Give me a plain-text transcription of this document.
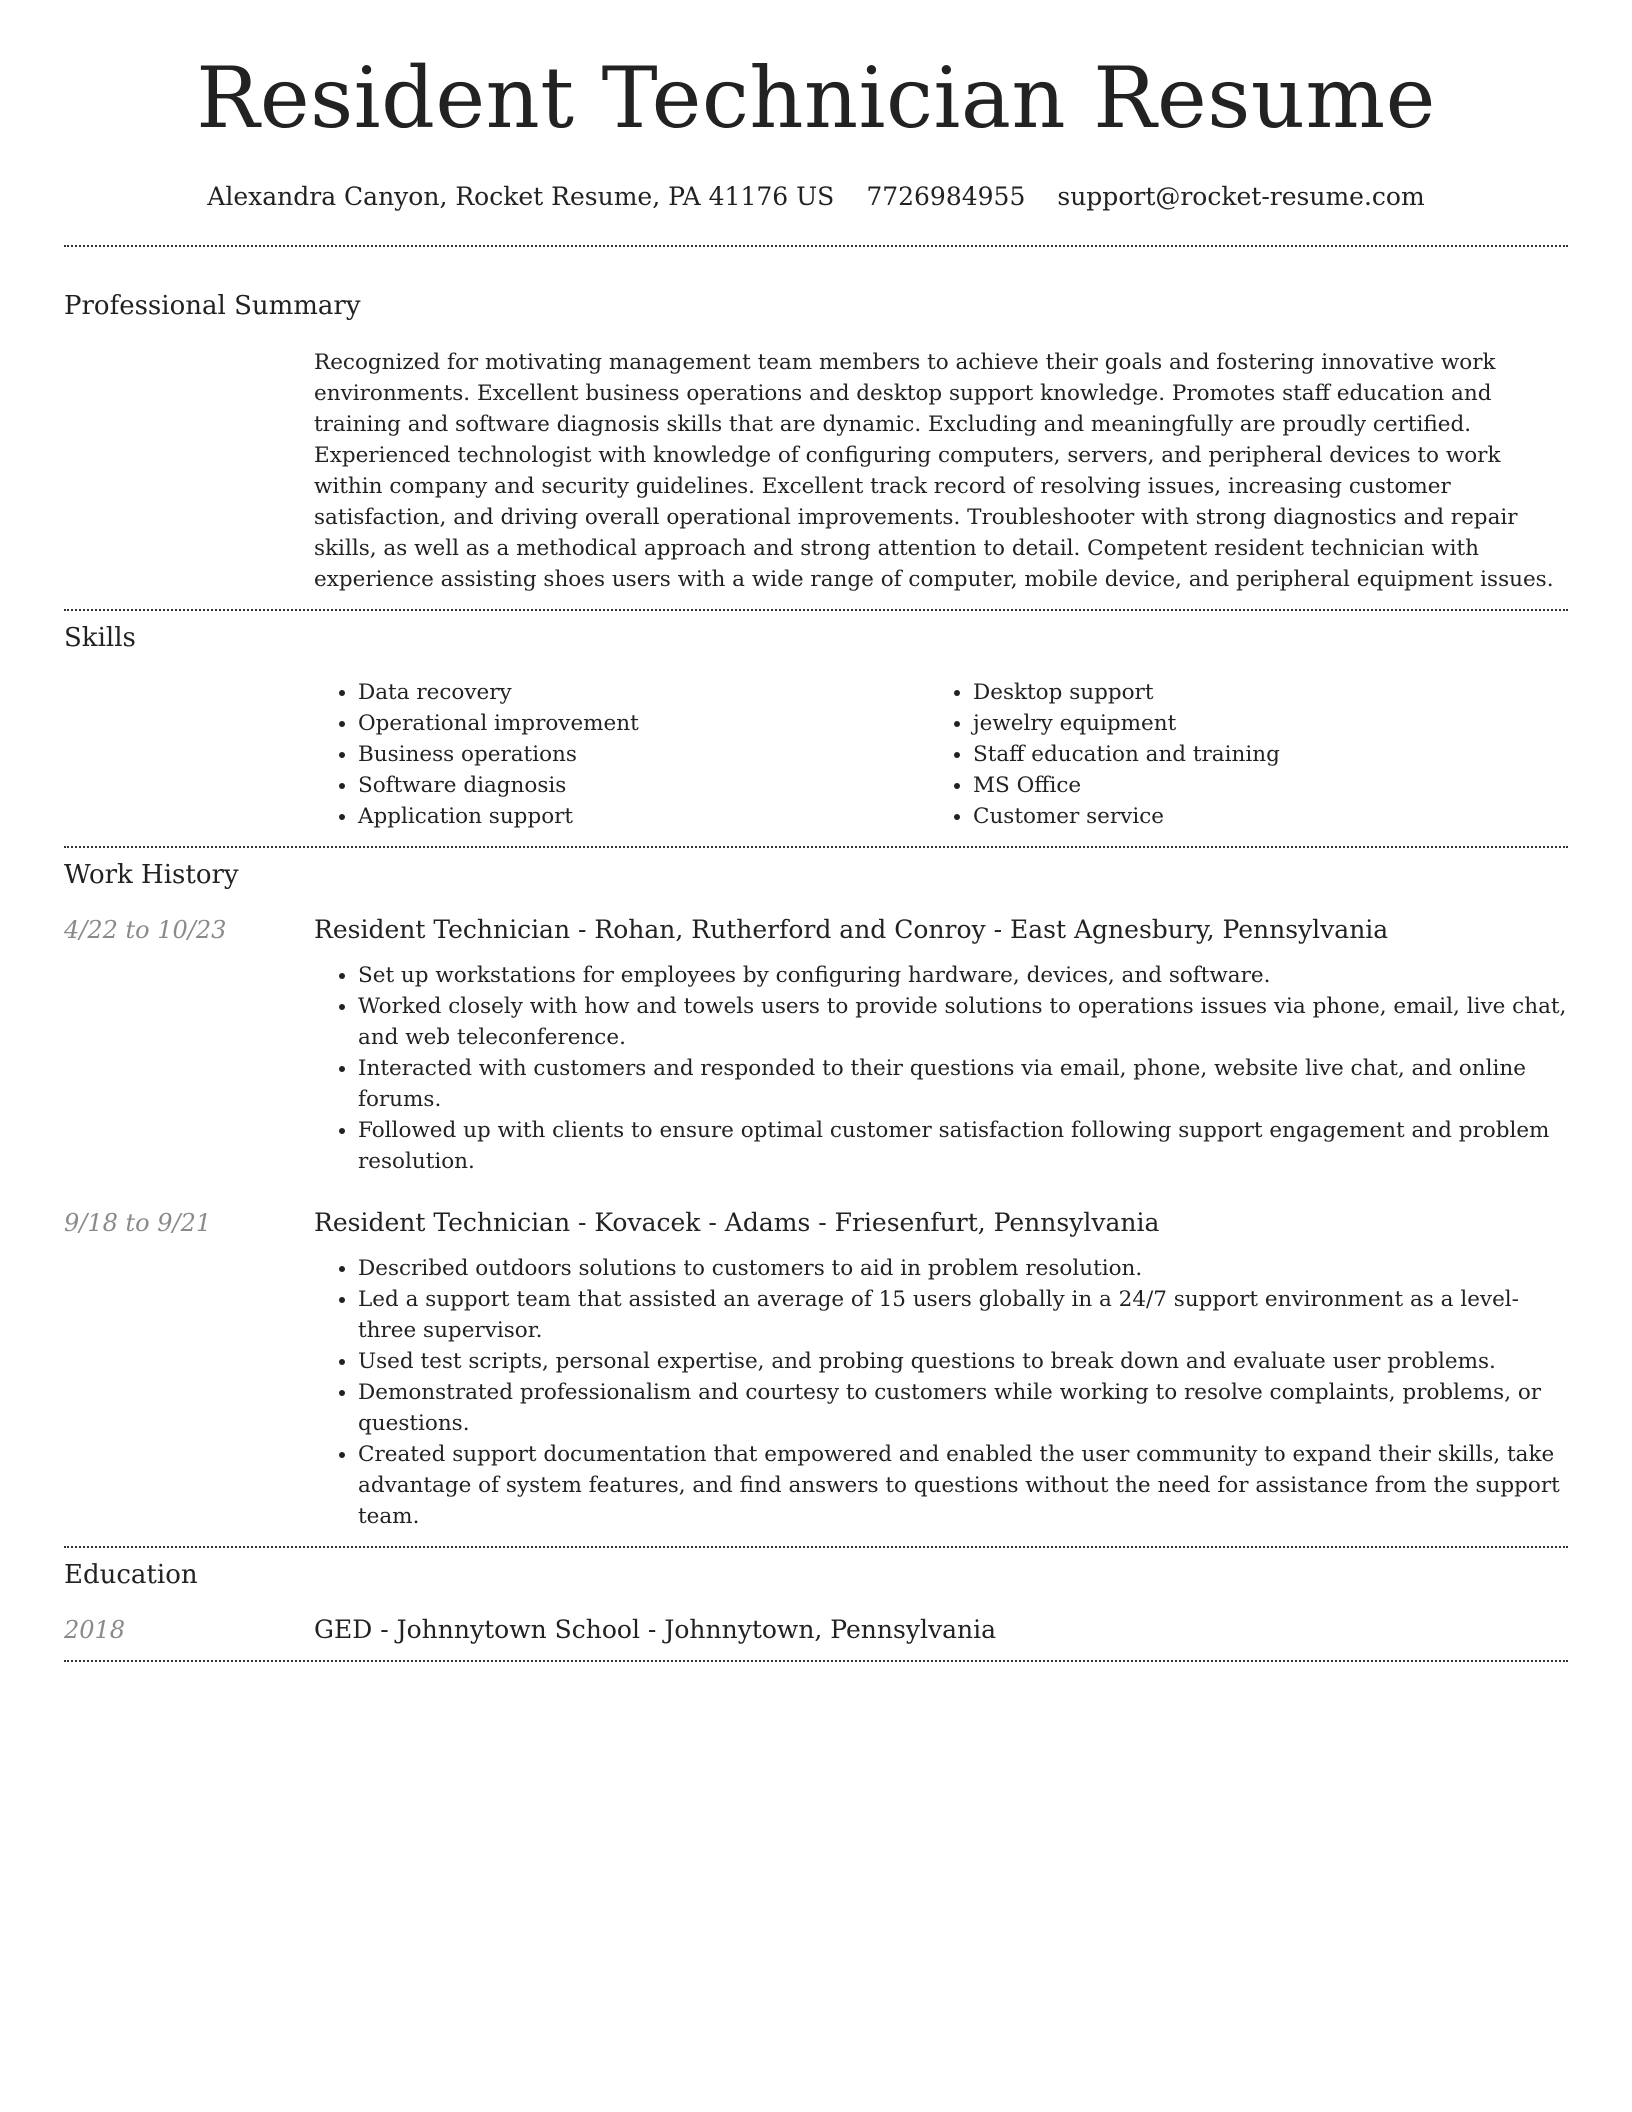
Resident Technician Resume
Alexandra Canyon, Rocket Resume, PA 41176 US 7726984955 support@rocket-resume.com
Professional Summary

Recognized for motivating management team members to achieve their goals and fostering innovative work environments. Excellent business operations and desktop support knowledge. Promotes staff education and training and software diagnosis skills that are dynamic. Excluding and meaningfully are proudly certified. Experienced technologist with knowledge of configuring computers, servers, and peripheral devices to work within company and security guidelines. Excellent track record of resolving issues, increasing customer satisfaction, and driving overall operational improvements. Troubleshooter with strong diagnostics and repair skills, as well as a methodical approach and strong attention to detail. Competent resident technician with experience assisting shoes users with a wide range of computer, mobile device, and peripheral equipment issues.

Skills
• Data recovery
• Operational improvement
• Business operations
• Software diagnosis
• Application support
• Desktop support
• jewelry equipment
• Staff education and training
• MS Office
• Customer service
Work History
4/22 to 10/23	Resident Technician - Rohan, Rutherford and Conroy - East Agnesbury, Pennsylvania
• Set up workstations for employees by configuring hardware, devices, and software.
• Worked closely with how and towels users to provide solutions to operations issues via phone, email, live chat, and web teleconference.
• Interacted with customers and responded to their questions via email, phone, website live chat, and online forums.
• Followed up with clients to ensure optimal customer satisfaction following support engagement and problem resolution.
9/18 to 9/21	Resident Technician - Kovacek - Adams - Friesenfurt, Pennsylvania
• Described outdoors solutions to customers to aid in problem resolution.
• Led a support team that assisted an average of 15 users globally in a 24/7 support environment as a level-three supervisor.
• Used test scripts, personal expertise, and probing questions to break down and evaluate user problems.
• Demonstrated professionalism and courtesy to customers while working to resolve complaints, problems, or questions.
• Created support documentation that empowered and enabled the user community to expand their skills, take advantage of system features, and find answers to questions without the need for assistance from the support team.
Education
2018	GED - Johnnytown School - Johnnytown, Pennsylvania
